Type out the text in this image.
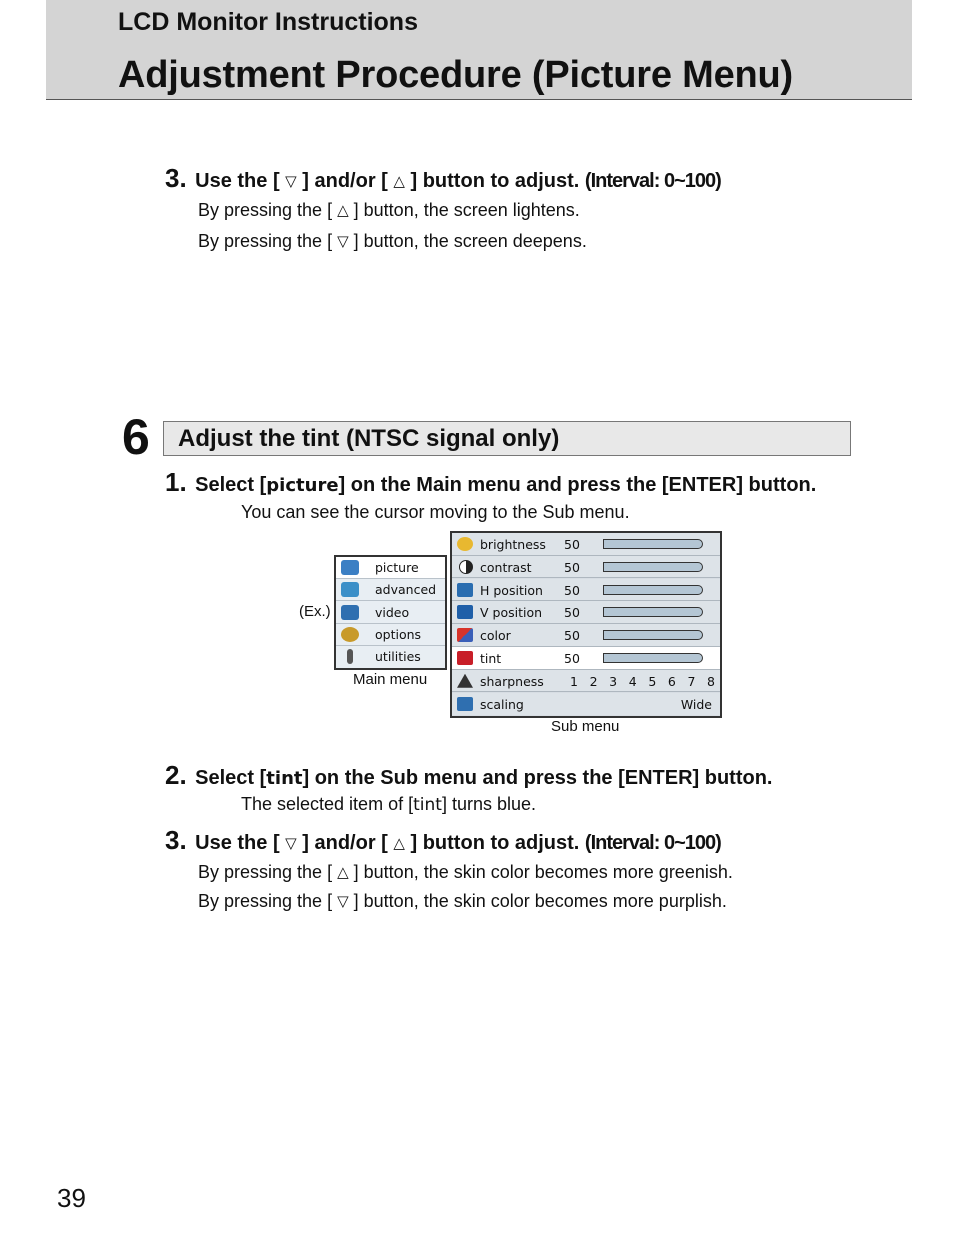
LCD Monitor Instructions
Adjustment Procedure (Picture Menu)
3. Use the [ ▽ ] and/or [ △ ] button to adjust. (Interval: 0~100)
By pressing the [ △ ] button, the screen lightens.
By pressing the [ ▽ ] button, the screen deepens.
6 Adjust the tint (NTSC signal only)
1. Select [picture] on the Main menu and press the [ENTER] button.
You can see the cursor moving to the Sub menu.
(Ex.)
picture
advanced
video
options
utilities
Main menu
brightness 50
contrast	50
H position 50
V position 50
color	50
tint	50
sharpness 1 2 3 4 5 6 7 8
scaling	Wide
Sub menu
2. Select [tint] on the Sub menu and press the [ENTER] button.
The selected item of [tint] turns blue.
3. Use the [ ▽ ] and/or [ △ ] button to adjust. (Interval: 0~100)
By pressing the [ △ ] button, the skin color becomes more greenish.
By pressing the [ ▽ ] button, the skin color becomes more purplish.
39
